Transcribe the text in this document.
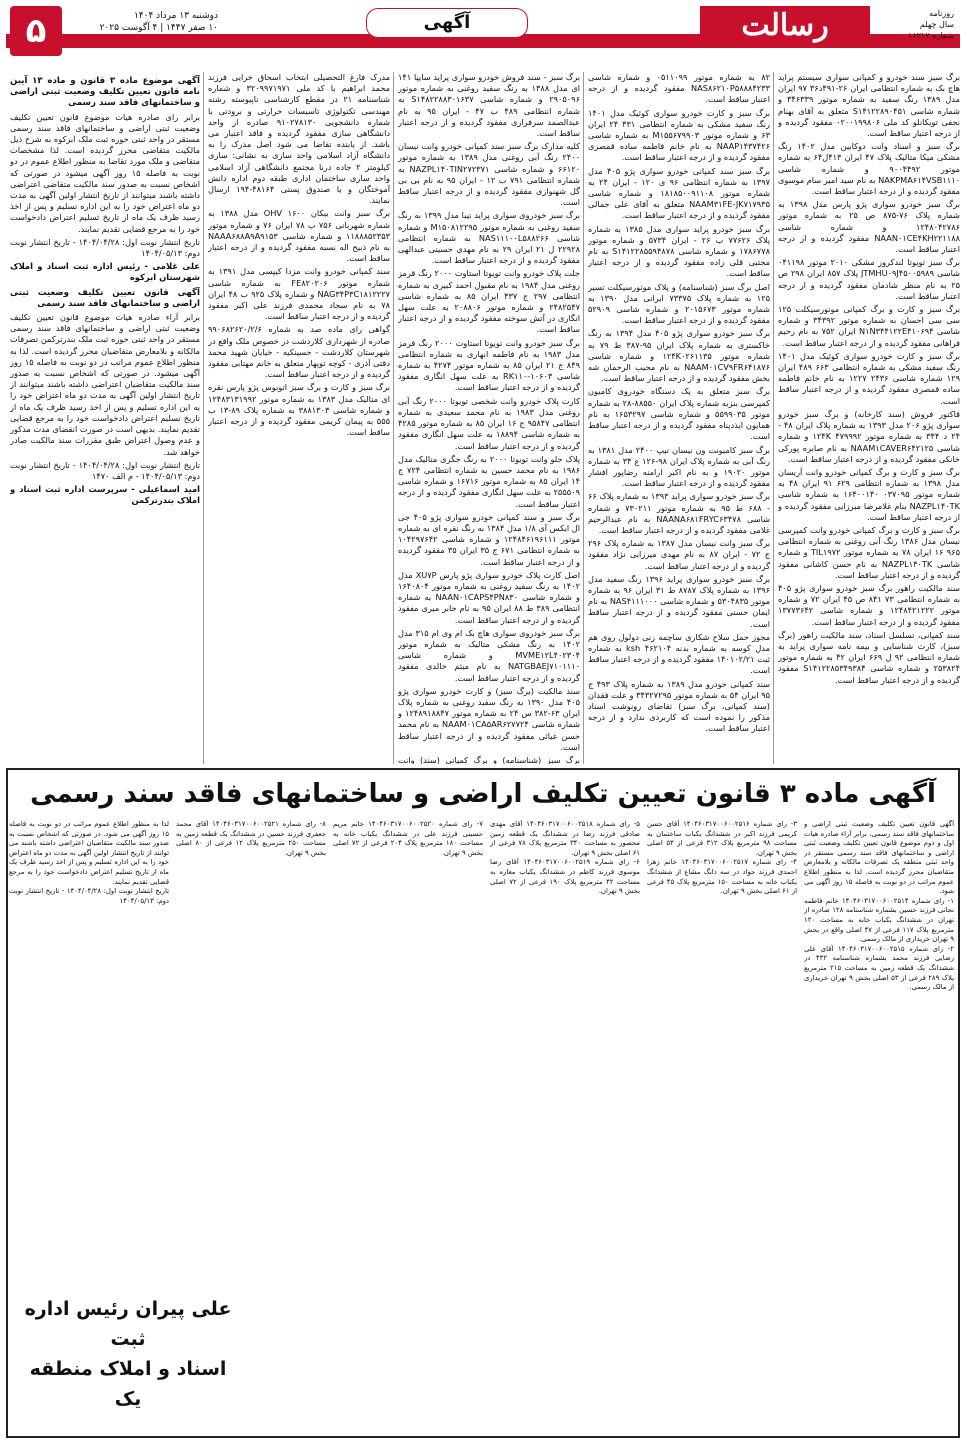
روزنامه
سال چهلم
شماره ۱۱۲۱۷
رسالت
آگهی
دوشنبه ۱۳ مرداد ۱۴۰۴
۱۰ صفر ۱۴۴۷ | ۴ آگوست ۲۰۲۵
۵

برگ سبز سند خودرو و کمپانی سواری سیستم پراید هاچ بک به شماره انتظامی ایران ۲۶-۴۹۱د۳۶ ۹۷ ایران مدل ۱۳۸۹ رنگ سفید به شماره موتور ۳۴۶۳۳۹ و شماره شاسی S۱۴۱۲۲۸۹۰۴۵۱ متعلق به آقای بهنام نجفی تویکانلو کد ملی ۰۲۰۰۱۹۹۸۰۶ مفقود گردیده و از درجه اعتبار ساقط است.

برگ سبز و اسناد وانت دوکابین مدل ۱۴۰۲ رنگ مشکی میکا متالیک پلاک ۴۷ ایران ۴۱۳ل۶۴ به شماره موتور ۹۰۰۴۴۹۲ و شماره شاسی NAKPMA۶۱۴VSB۱۱۱۰ به نام سید امیر سام موسوی مفقود گردیده و از درجه اعتبار ساقط است.

برگ سبز خودرو سواری پژو پارس مدل ۱۳۹۸ به شماره پلاک ۷۶-۸۷۵ ص ۲۵ به شماره موتور ۱۲۴۸۰۴۲۷۸۶ و شماره شاسی NAAN۰۱CE۴KH۲۲۱۱۸۸ مفقود گردیده و از درجه اعتبار ساقط است.

برگ سبز تویوتا لندکروز مشکی ۲۰۱۰ موتور ۰۴۱۱۹۸ شاسی JTMHU۰۹J۴۵۰۰۵۹۸۹ پلاک ۸۵۷ ایران ۲۹۸ ص ۲۵ به نام منظر شادمان مفقود گردیده و از درجه اعتبار ساقط است.

برگ سبز و کارت و برگ کمپانی موتورسیکلت ۱۲۵ سی سی احسان به شماره موتور ۳۴۳۹۲ و شماره شاسی N۱N۳۴۴۱۲۲E۴۱۰۶۹۴ ایران ۷۵۲ به نام رحیم فراهانی مفقود گردیده و از درجه اعتبار ساقط است.

برگ سبز و کارت خودرو سواری کوئیک مدل ۱۴۰۱ رنگ سفید مشکی به شماره انتظامی ۶۶۳ ۴۸۹ ایران ۱۲۹ شماره شاسی ۲۴۳۶ ۱۲۲۷ به نام خانم فاطمه ساده قمصری مفقود گردیده و از درجه اعتبار ساقط است.

قاکتور فروش (سند کارخانه) و برگ سبز خودرو سواری پژو ۲۰۶ مدل ۱۳۹۳ به شماره پلاک ایران ۴۸ - ۲۴ د ۳۴۴ به شماره موتور ۴۷۹۹۹۲ ۱۲۴K و شماره شاسی NAAM۱CAVER۶۴۲۱۲۵ به نام صابره پورکی خانکی مفقود گردیده و از درجه اعتبار ساقط است.

برگ سبز و کارت و برگ کمپانی خودرو وانت آریسان مدل ۱۳۹۸ به شماره انتظامی ۶۲۹ ۹۱ ایران ۴۸ به شماره موتور ۰۳۷۰۹۵ ۱۶۴۰۰۱۴۰ به شماره شاسی NAZPL۱۴۰TK بنام غلامرضا میرزایی مفقود گردیده و از درجه اعتبار ساقط است.

برگ سبز و کارت و برگ کمپانی خودرو وانت کمپرسی نیسان مدل ۱۳۸۶ رنگ آبی روغنی به شماره انتظامی ۹۶۵ ۱۶ ایران ۷۸ به شماره موتور TIL۱۹۷۲ و شماره شاسی NAZPL۱۴۰TK به نام حسن کاشانی مفقود گردیده و از درجه اعتبار ساقط است.

سند مالکیت راهور برگ سبز خودرو سواری پژو ۴۰۵ به شماره انتظامی ۷۳ ۸۴۱ ص ۴۵ ایران ۷۲ و شماره موتور ۱۲۴۸۴۲۱۲۲۲ و شماره شاسی ۱۳۷۷۳۶۴۲ مفقود گردیده و از درجه اعتبار ساقط است.

سند کمپانی، تسلسل اسناد، سند مالکیت راهور (برگ سبز)، کارت شناسایی و بیمه نامه سواری پراید به شماره انتظامی ۹۲ ل ۶۶۹ ایران ۴۲ به شماره موتور ۲۵۳۸۲۴ و شماره شاسی S۱۴۱۲۲۸۵۳۴۹۳۸۴ مفقود گردیده و از درجه اعتبار ساقط است.

۸۲ به شماره موتور ۰۵۱۱۰۹۹ و شماره شاسی NAS۸۶۲۱۰P۵۸۸۸۴۲۳۳ مفقود گردیده و از درجه اعتبار ساقط است.

برگ سبز و کارت خودرو سواری کوئیک مدل ۱۴۰۱ رنگ سفید مشکی به شماره انتظامی ۴۳۱ ۲۴ ایران ۶۳ و شماره موتور M۱۵۵۶۷۹۹۰۳ به شماره شاسی NAAP۱۴۳۷۴۲۶ به نام خانم فاطمه ساده قمصری مفقود گردیده و از درجه اعتبار ساقط است.

برگ سبز سند کمپانی خودرو سواری پژو ۴۰۵ مدل ۱۳۹۷ به شماره انتظامی ۹۶ ی ۱۲۰ - ایران ۲۴ به شماره موتور ۱۸۱۸۵۰۰۹۱۱۰۸ و شماره شاسی NAAM۳۱FE-JK۷۱۷۹۳۵ متعلق به آقای علی جمالی مفقود گردیده و از درجه اعتبار ساقط است.

برگ سبز خودرو پراید سواری مدل ۱۳۸۵ به شماره پلاک ۷۷۶۲۶ ب ۲۶ - ایران ۵۷۳۴ و شماره موتور ۱۷۸۶۷۷۸ و شماره شاسی S۱۴۱۲۲۸۵۵۹۴۸۷۸ به نام مجتبی قلی زاده مفقود گردیده و از درجه اعتبار ساقط است.

اصل برگ سبز (شناسنامه) و پلاک موتورسیکلت تسیر ۱۲۵ به شماره پلاک ۷۳۳۷۵ ایرانی مدل ۱۳۹۰ به شماره موتور ۲۰۱۵۶۷۳ و شماره شاسی ۵۲۹۰۹ مفقود گردیده و از درجه اعتبار ساقط است.

برگ سبز خودرو سواری پژو ۴۰۵ مدل ۱۳۹۴ به رنگ خاکستری به شماره پلاک ایران ۹۵-۳۸۷ ط ۷۹ به شماره موتور ۱۲۴K۰۲۶۱۱۳۵ و شماره شاسی NAAM۰۱CV۹FR۶۴۱۸۷۶ به نام مجیب الرحمان شه بخش مفقود گردیده و از درجه اعتبار ساقط است.

برگ سبز متعلق به یک دستگاه خودروی کامیون کمپرسی بنزبه شماره پلاک ایران ۸۸۵۵۰-۲۸ به شماره موتور ۵۵۹۹۰۳۵ و شماره شاسی ۱۶۵۳۲۹۷ به نام همایون ایذدپناه مفقود گردیده و از درجه اعتبار ساقط است.

برگ سبز کامیونت ون نیسان تیپ ۲۴۰۰ مدل ۱۳۸۱ به رنگ آبی به شماره پلاک ایران ۹۸-۱۲۶ ع ۳۴ به شماره موتور ۱۹۰۲۰ و به نام اکبر ارامنه رضاپور افشار مفقود گردیده و از درجه اعتبار ساقط است.

برگ سبز خودرو سواری پراید ۱۳۹۳ به شماره پلاک ۶۶ - ۶۸۸ ط ۹۵ به شماره موتور ۷۳۰۲۱۱ و شماره شاسی NAANA۶۸۱FRYC۶۳۴۷۸ به نام عبدالرحیم غلامی مفقود گردیده و از درجه اعتبار ساقط است.

برگ سبز وانت نیسان مدل ۱۳۸۷ به شماره پلاک ۲۹۶ ج ۷۲ - ایران ۸۷ به نام مهدی میرزایی نژاد مفقود گردیده و از درجه اعتبار ساقط است.

برگ سبز خودرو سواری پراید ۱۳۹۶ رنگ سفید مدل ۱۳۹۶ به شماره پلاک ۸۷۸۷ ط ۳۱ ایران ۹۶ به شماره موتور ۵۳۰۴۸۳۵ و شماره شاسی NAS۴۱۱۱۰۰۰ به نام ایمان حسنی مفقود گردیده و از درجه اعتبار ساقط است.

مجوز حمل سلاح شکاری ساچمه زنی دولول روی هم مدل کوسه به شماره بدنه ۴۶۲۱۰۴ ksh به شماره ثبت ۱۴۰۱۰۲/۲۱ مفقود گردیده و از درجه اعتبار ساقط است.

سند کمپانی خودرو مدل ۱۳۸۹ به شماره پلاک ۴۹۳ ج ۹۵ ایران ۵۴ به شماره موتور ۳۴۳۲۷۲۹۵ و علت فقدان (سند کمپانی، برگ سبز) تقاضای رونوشت اسناد مذکور را نموده است که کاربردی ندارد و از درجه اعتبار ساقط است.

برگ سبز - سند فروش خودرو سواری پراید سایپا ۱۴۱ ای مدل ۱۳۸۸ به رنگ سفید روغنی به شماره موتور ۲۹۰۵۰۹۶ و شماره شاسی S۱۴۸۲۲۸۸۳۰۱۶۳۷ به شماره انتظامی ۴۸۹ ب ۴۷ - ایران ۹۵ به نام عبدالصمد سرفرازی مفقود گردیده و از درجه اعتبار ساقط است.

کلیه مدارک برگ سبز سند کمپانی خودرو وانت نیسان ۲۴۰۰ رنگ آبی روغنی مدل ۱۳۸۹ به شماره موتور ۶۶۱۲۰ و شماره شاسی NAZPL۱۴۰TIN۲۷۲۳۷۱ به شماره انتظامی ۷۹۱ ب ۱۲ - ایران ۹۵ به نام بی بی گل شهنوازی مفقود گردیده و از درجه اعتبار ساقط است.

برگ سبز خودروی سواری پراید تیبا مدل ۱۳۹۹ به رنگ سفید روغنی به شماره موتور M۱۵۰۸۱۲۲۹۵ و شماره شاسی NAS۱۱۱۰۰L۵۸۸۲۶۶ به شماره انتظامی ۲۲۹۲۸ ل ۲۱ ایران ۲۹ به نام مهدی حسینی عبدالهی مفقود گردیده و از درجه اعتبار ساقط است.

جلت پلاک خودرو وانت تویوتا استاوت ۲۰۰۰ رنگ قرمز روغنی مدل ۱۹۸۴ به نام مقبول احمد کبیری به شماره انتظامی ۲۹۷ ج ۴۳۷ ایران ۸۵ به شماره شاسی ۲۴۸۲۵۴۷ و شماره موتور ۲۰۸۸۰۶ به علت سهل انگاری در آتش سوخته مفقود گردیده و از درجه اعتبار ساقط است.

برگ سبز خودرو وانت تویوتا استاوت ۲۰۰۰ رنگ قرمز مدل ۱۹۸۳ به نام فاطمه انهاری به شماره انتظامی ۸۴۹ ج ۲۱ ایران ۸۵ به شماره موتور ۴۲۷۴ به شماره شاسی RK۱۱۰-۱۰۶۰۳ به علت سهل انگاری مفقود گردیده و از درجه اعتبار ساقط است.

کارت پلاک خودرو وانت شخصی تویوتا ۲۰۰۰ رنگ آبی روغنی مدل ۱۹۸۳ به نام محمد سعیدی به شماره انتظامی ۹۵۸۴۷ ج ۱۶ ایران ۸۵ به شماره موتور ۴۲۸۵ به شماره شاسی ۱۸۸۹۴ به علت سهل انگاری مفقود گردیده و از درجه اعتبار ساقط است.

پلاک جلو وانت تویوتا ۲۰۰۰ به رنگ جگری متالیک مدل ۱۹۸۶ به نام محمد حسین به شماره انتظامی ۷۲۴ ج ۱۴ ایران ۸۵ به شماره موتور ۱۶۷۱۶ و شماره شاسی ۲۵۵۵۰۹ به علت سهل انگاری مفقود گردیده و از درجه اعتبار ساقط است.

برگ سبز و سند کمپانی خودرو سواری پژو ۴۰۵ جی ال ایکس آی ۱/۸ مدل ۱۳۸۴ به رنگ نقره ای به شماره موتور ۱۲۴۸۴۶۱۹۶۱۱۱ و شماره شاسی ۱۰۴۲۹۷۶۴۲ به شماره انتظامی ۶۷۱ ج ۳۵ ایران ۳۵ مفقود گردیده و از درجه اعتبار ساقط است.

اصل کارت پلاک خودرو سواری پژو پارس XU۷P مدل ۱۴۰۲ به رنگ سفید روغنی به شماره موتور ۱۶۴۰۸۰۴ و شماره شاسی NAAN۰۱CAPS۴PN۸۳۰ به شماره انتظامی ۳۸۹ ط ۸۸ ایران ۹۵ به نام جابر میری مفقود گردیده و از درجه اعتبار ساقط است.

برگ سبز خودروی سواری هاچ بک ام وی ام ۳۱۵ مدل ۱۴۰۲ به رنگ مشکی متالیک به شماره موتور MVME۱۲L۴۰۲۳۰۴ و شماره شاسی NATGBAEJ۷۱۰۱۱۱۰ به نام میثم خالدی مفقود گردیده و از درجه اعتبار ساقط است.

سند مالکیت (برگ سبز) و کارت خودرو سواری پژو ۴۰۵ مدل ۱۳۹۰ به رنگ سفید روغنی به شماره پلاک ایران ۶۳-۳۸۲ س ۲۴ به شماره موتور ۱۲۴۸۹۱۸۸۴۷ و شماره شاسی NAAM۰۱CA۵AR۶۲۷۷۲۴ به نام محمد حسن غیاثی مفقود گردیده و از درجه اعتبار ساقط است.

برگ سبز (شناسنامه) و برگ کمپانی (سند) وانت

مدرک فارغ التحصیلی ابتخاب اسحاق خرایی فرزند محمد ابراهیم با کد ملی ۳۲۰۹۹۷۱۹۷۱ و شماره شناسنامه ۲۱ در مقطع کارشناسی ناپیوسته رشته مهندسی تکنولوژی تاسیسات حرارتی و برودتی با شماره دانشجویی ۹۱۰۲۷۸۱۳۰ صادره از واحد دانشگاهی سازی مفقود گردیده و فاقد اعتبار می باشد. از یابنده تقاضا می شود اصل مدرک را به دانشگاه آزاد اسلامی واحد سازی به نشانی: سازی کیلومتر ۲ جاده درنا مجتمع دانشگاهی آزاد اسلامی واحد سازی ساختمان اداری طبقه دوم اداره دانش آموختگان و یا صندوق پستی ۴۸۱۶۴-۱۹۴ ارسال نمایند.

برگ سبز وانت بیکان ۱۶۰۰ OHV مدل ۱۳۸۸ به شماره شهربانی ۷۵۶ ب ۷۸ ایران ۷۶ و شماره موتور ۱۱۸۸۸۵۲۳۵۳ و شماره شاسی NAAA۶۸۸A۹A۹۱۵۳ به نام ذبیح اله نسبه مفقود گردیده و از درجه اعتبار ساقط است.

سند کمپانی خودرو وانت مزدا کیپسی مدل ۱۳۹۱ به شماره موتور FE۸۲۰۲۰۶ به شماره شاسی NAG۳۴P۳C۱۸۱۲۲۲۷ و شماره پلاک ۹۲۵ ب ۴۸ ایران ۷۸ به نام سجاد محمدی فرزند علی اکبر مفقود گردیده و از درجه اعتبار ساقط است.

گواهی رای ماده صد به شماره ۹۹۰۶۸۲۶۲۰/۲/۶ صادره از شهرداری کلاردشت در خصوص ملک واقع در شهرستان کلاردشت - حسینکیه - خیابان شهید محمد دقتی آذری - کوچه توپهار متعلق به خانم مهتابی مفقود گردیده و از درجه اعتبار ساقط است.

برگ سبز و کارت و برگ سبز اتوبوس پژو پارس نقره ای متالیک مدل ۱۳۸۳ به شماره موتور ۱۲۴۸۳۱۳۱۹۹۲ و شماره شاسی ۳۸۸۱۳۰۳ به شماره پلاک ۸۹-۱۳ ب ۵۵۵ به پیمان کریمی مفقود گردیده و از درجه اعتبار ساقط است.

آگهی موضوع ماده ۳ قانون و ماده ۱۳ آیین نامه قانون تعیین تکلیف وضعیت ثبتی اراضی و ساختمانهای فاقد سند رسمی

برابر رای صادره هیات موضوع قانون تعیین تکلیف وضعیت ثبتی اراضی و ساختمانهای فاقد سند رسمی مستقر در واحد ثبتی حوزه ثبت ملک ابرکوه به شرح ذیل مالکیت متقاضی محرز گردیده است. لذا مشخصات متقاضی و ملک مورد تقاضا به منظور اطلاع عموم در دو نوبت به فاصله ۱۵ روز آگهی میشود در صورتی که اشخاص نسبت به صدور سند مالکیت متقاضی اعتراضی داشته باشند میتوانند از تاریخ انتشار اولین آگهی به مدت دو ماه اعتراض خود را به این اداره تسلیم و پس از اخذ رسید ظرف یک ماه از تاریخ تسلیم اعتراض دادخواست خود را به مرجع قضایی تقدیم نمایند.

تاریخ انتشار نوبت اول: ۱۴۰۴/۰۴/۲۸ - تاریخ انتشار نوبت دوم: ۱۴۰۴/۰۵/۱۳

علی غلامی - رئیس اداره ثبت اسناد و املاک شهرستان ابرکوه
آگهی قانون تعیین تکلیف وضعیت ثبتی اراضی و ساختمانهای فاقد سند رسمی

برابر آراء صادره هیات موضوع قانون تعیین تکلیف وضعیت ثبتی اراضی و ساختمانهای فاقد سند رسمی مستقر در واحد ثبتی حوزه ثبت ملک بندرترکمن تصرفات مالکانه و بلامعارض متقاضیان محرز گردیده است. لذا به منظور اطلاع عموم مراتب در دو نوبت به فاصله ۱۵ روز آگهی میشود. در صورتی که اشخاص نسبت به صدور سند مالکیت متقاضیان اعتراضی داشته باشند میتوانند از تاریخ انتشار اولین آگهی به مدت دو ماه اعتراض خود را به این اداره تسلیم و پس از اخذ رسید ظرف یک ماه از تاریخ تسلیم اعتراض دادخواست خود را به مرجع قضایی تقدیم نمایند. بدیهی است در صورت انقضای مدت مذکور و عدم وصول اعتراض طبق مقررات سند مالکیت صادر خواهد شد.

تاریخ انتشار نوبت اول: ۱۴۰۴/۰۴/۲۸ - تاریخ انتشار نوبت دوم: ۱۴۰۴/۰۵/۱۳ - م الف ۱۴۷۰

امید اسماعیلی - سرپرست اداره ثبت اسناد و املاک بندرترکمن
آگهی ماده ۳ قانون تعیین تکلیف اراضی و ساختمانهای فاقد سند رسمی

آگهی قانون تعیین تکلیف وضعیت ثبتی اراضی و ساختمانهای فاقد سند رسمی، برابر آراء صادره هیات اول و دوم موضوع قانون تعیین تکلیف وضعیت ثبتی اراضی و ساختمانهای فاقد سند رسمی مستقر در واحد ثبتی منطقه یک تصرفات مالکانه و بلامعارض متقاضیان محرز گردیده است. لذا به منظور اطلاع عموم مراتب در دو نوبت به فاصله ۱۵ روز آگهی می شود.

۱- رای شماره ۱۴۰۴۶۰۳۱۷۰۰۶۰۰۲۵۱۴ خانم فاطمه نجاتی فرزند حسین بشماره شناسنامه ۱۲۸ صادره از تهران در ششدانگ یکباب خانه به مساحت ۱۲۰ مترمربع پلاک ۱۱۷ فرعی از ۴۷ اصلی واقع در بخش ۹ تهران خریداری از مالک رسمی.

۲- رای شماره ۱۴۰۴۶۰۳۱۷۰۰۶۰۰۲۵۱۵ آقای علی رضایی فرزند محمد بشماره شناسنامه ۴۳۲ در ششدانگ یک قطعه زمین به مساحت ۲۱۵ مترمربع پلاک ۲۸۹ فرعی از ۵۳ اصلی بخش ۹ تهران خریداری از مالک رسمی.

۳- رای شماره ۱۴۰۴۶۰۳۱۷۰۰۶۰۰۲۵۱۶ آقای حسن کریمی فرزند اکبر در ششدانگ یکباب ساختمان به مساحت ۹۸ مترمربع پلاک ۳۱۲ فرعی از ۵۳ اصلی بخش ۹ تهران.

۴- رای شماره ۱۴۰۴۶۰۳۱۷۰۰۶۰۰۲۵۱۷ خانم زهرا احمدی فرزند جواد در سه دانگ مشاع از ششدانگ یکباب خانه به مساحت ۱۵۰ مترمربع پلاک ۴۵ فرعی از ۶۱ اصلی بخش ۹ تهران.

۵- رای شماره ۱۴۰۴۶۰۳۱۷۰۰۶۰۰۲۵۱۸ آقای مهدی صادقی فرزند رضا در ششدانگ یک قطعه زمین محصور به مساحت ۳۴۰ مترمربع پلاک ۷۸ فرعی از ۶۱ اصلی بخش ۹ تهران.

۶- رای شماره ۱۴۰۴۶۰۳۱۷۰۰۶۰۰۲۵۱۹ آقای رضا موسوی فرزند کاظم در ششدانگ یکباب مغازه به مساحت ۴۲ مترمربع پلاک ۱۹۰ فرعی از ۷۲ اصلی بخش ۹ تهران.

۷- رای شماره ۱۴۰۴۶۰۳۱۷۰۰۶۰۰۲۵۲۰ خانم مریم حسینی فرزند علی در ششدانگ یکباب خانه به مساحت ۱۸۰ مترمربع پلاک ۲۰۴ فرعی از ۷۲ اصلی بخش ۹ تهران.

۸- رای شماره ۱۴۰۴۶۰۳۱۷۰۰۶۰۰۲۵۲۱ آقای محمد جعفری فرزند حسین در ششدانگ یک قطعه زمین به مساحت ۲۵۰ مترمربع پلاک ۱۲ فرعی از ۸۰ اصلی بخش ۹ تهران.

لذا به منظور اطلاع عموم مراتب در دو نوبت به فاصله ۱۵ روز آگهی می شود. در صورتی که اشخاص نسبت به صدور سند مالکیت متقاضیان اعتراضی داشته باشند می توانند از تاریخ انتشار اولین آگهی به مدت دو ماه اعتراض خود را به این اداره تسلیم و پس از اخذ رسید ظرف یک ماه از تاریخ تسلیم اعتراض دادخواست خود را به مرجع قضایی تقدیم نمایند.

تاریخ انتشار نوبت اول: ۱۴۰۴/۰۴/۲۸ - تاریخ انتشار نوبت دوم: ۱۴۰۴/۰۵/۱۳

علی پیران رئیس اداره ثبت
اسناد و املاک منطقه یک
